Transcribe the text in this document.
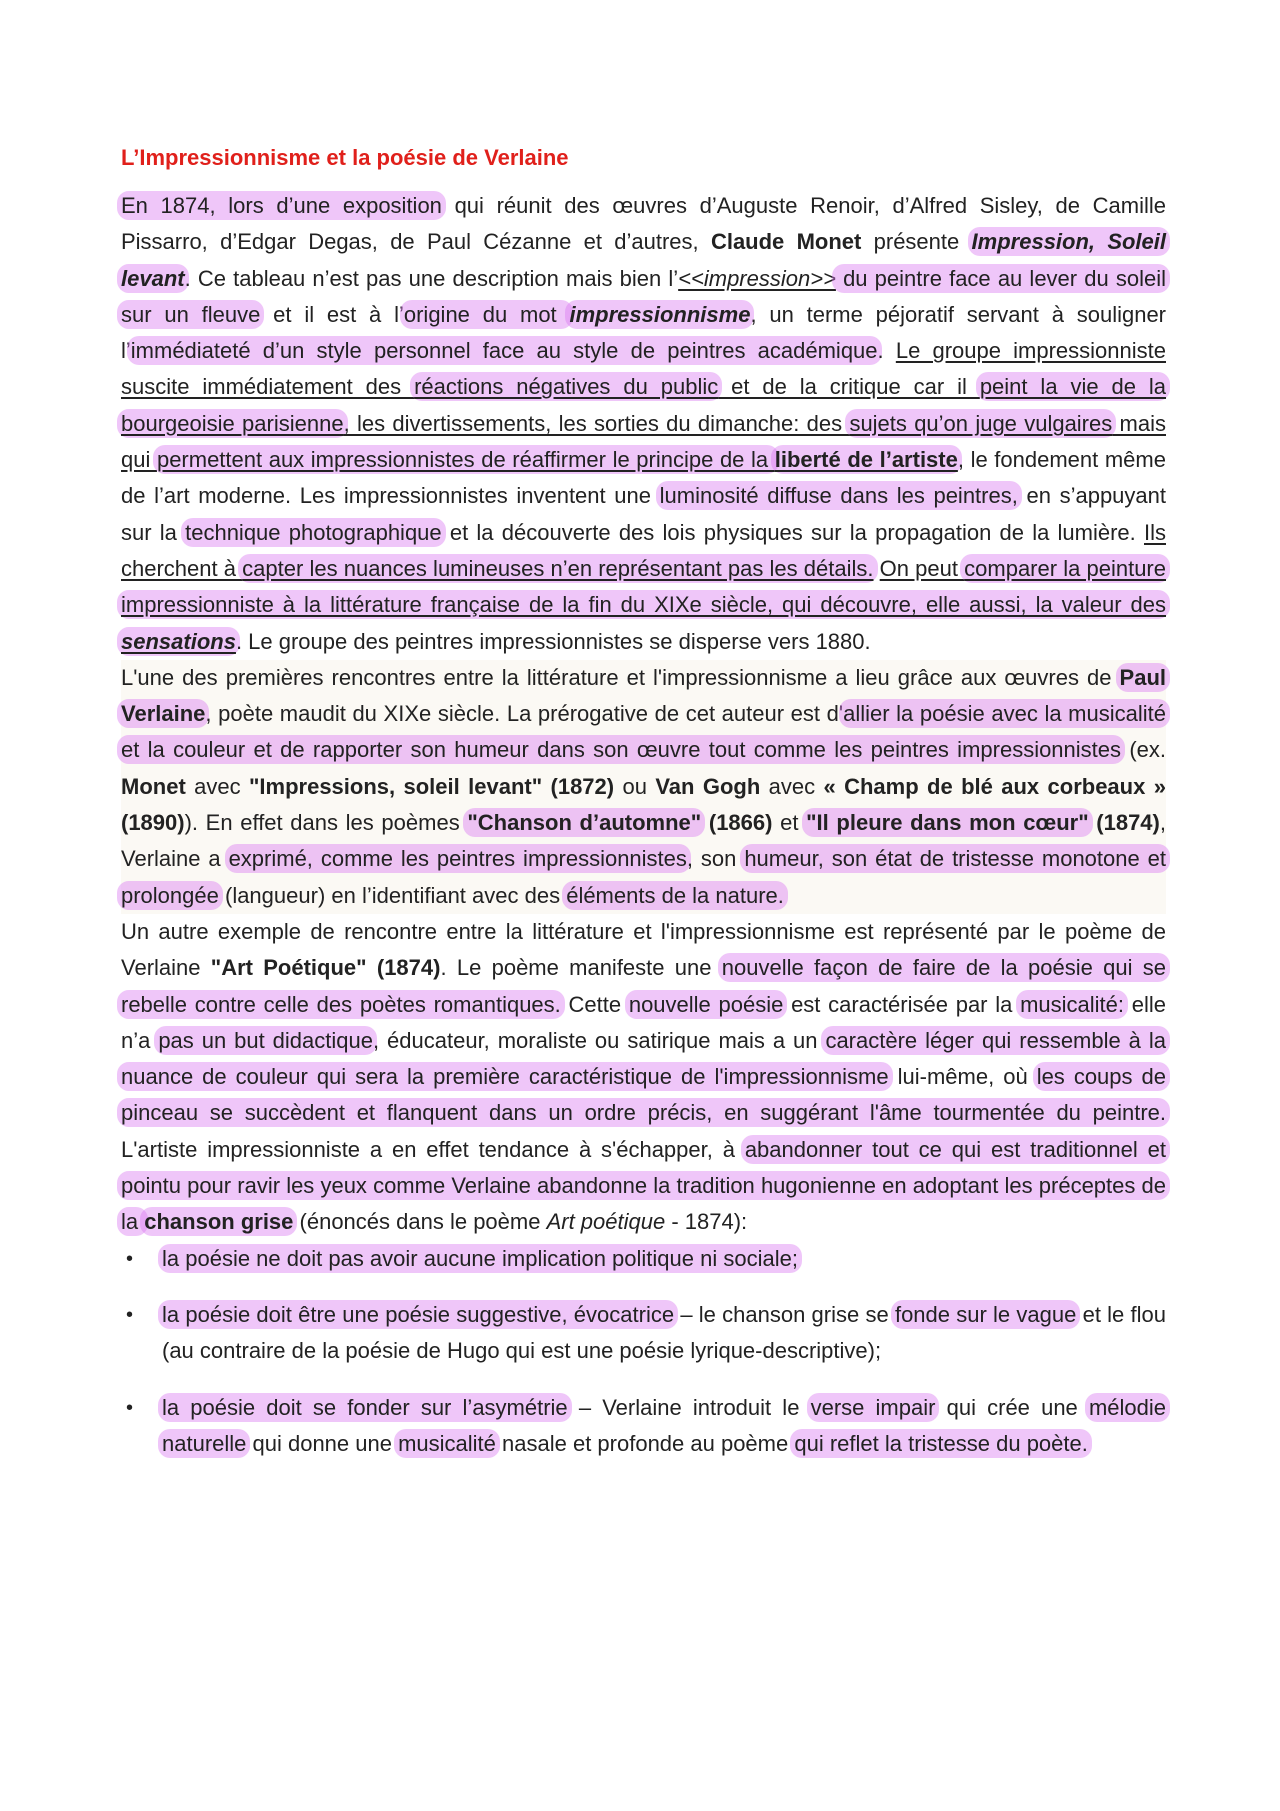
L’Impressionnisme et la poésie de Verlaine

En 1874, lors d’une exposition qui réunit des œuvres d’Auguste Renoir, d’Alfred Sisley, de Camille Pissarro, d’Edgar Degas, de Paul Cézanne et d’autres, Claude Monet présente Impression, Soleil levant. Ce tableau n’est pas une description mais bien l’<<impression>> du peintre face au lever du soleil sur un fleuve et il est à l’origine du mot impressionnisme, un terme péjoratif servant à souligner l’immédiateté d’un style personnel face au style de peintres académique. Le groupe impressionniste suscite immédiatement des réactions négatives du public et de la critique car il peint la vie de la bourgeoisie parisienne, les divertissements, les sorties du dimanche: des sujets qu’on juge vulgaires mais qui permettent aux impressionnistes de réaffirmer le principe de la liberté de l’artiste, le fondement même de l’art moderne. Les impressionnistes inventent une luminosité diffuse dans les peintres, en s’appuyant sur la technique photographique et la découverte des lois physiques sur la propagation de la lumière. Ils cherchent à capter les nuances lumineuses n’en représentant pas les détails. On peut comparer la peinture impressionniste à la littérature française de la fin du XIXe siècle, qui découvre, elle aussi, la valeur des sensations. Le groupe des peintres impressionnistes se disperse vers 1880.

L'une des premières rencontres entre la littérature et l'impressionnisme a lieu grâce aux œuvres de Paul Verlaine, poète maudit du XIXe siècle. La prérogative de cet auteur est d'allier la poésie avec la musicalité et la couleur et de rapporter son humeur dans son œuvre tout comme les peintres impressionnistes (ex. Monet avec "Impressions, soleil levant" (1872) ou Van Gogh avec « Champ de blé aux corbeaux » (1890)). En effet dans les poèmes "Chanson d’automne" (1866) et "Il pleure dans mon cœur" (1874), Verlaine a exprimé, comme les peintres impressionnistes, son humeur, son état de tristesse monotone et prolongée (langueur) en l’identifiant avec des éléments de la nature.

Un autre exemple de rencontre entre la littérature et l'impressionnisme est représenté par le poème de Verlaine "Art Poétique" (1874). Le poème manifeste une nouvelle façon de faire de la poésie qui se rebelle contre celle des poètes romantiques. Cette nouvelle poésie est caractérisée par la musicalité: elle n’a pas un but didactique, éducateur, moraliste ou satirique mais a un caractère léger qui ressemble à la nuance de couleur qui sera la première caractéristique de l'impressionnisme lui-même, où les coups de pinceau se succèdent et flanquent dans un ordre précis, en suggérant l'âme tourmentée du peintre. L'artiste impressionniste a en effet tendance à s'échapper, à abandonner tout ce qui est traditionnel et pointu pour ravir les yeux comme Verlaine abandonne la tradition hugonienne en adoptant les préceptes de la chanson grise (énoncés dans le poème Art poétique - 1874):

• la poésie ne doit pas avoir aucune implication politique ni sociale;
• la poésie doit être une poésie suggestive, évocatrice – le chanson grise se fonde sur le vague et le flou (au contraire de la poésie de Hugo qui est une poésie lyrique-descriptive);
• la poésie doit se fonder sur l’asymétrie – Verlaine introduit le verse impair qui crée une mélodie naturelle qui donne une musicalité nasale et profonde au poème qui reflet la tristesse du poète.
